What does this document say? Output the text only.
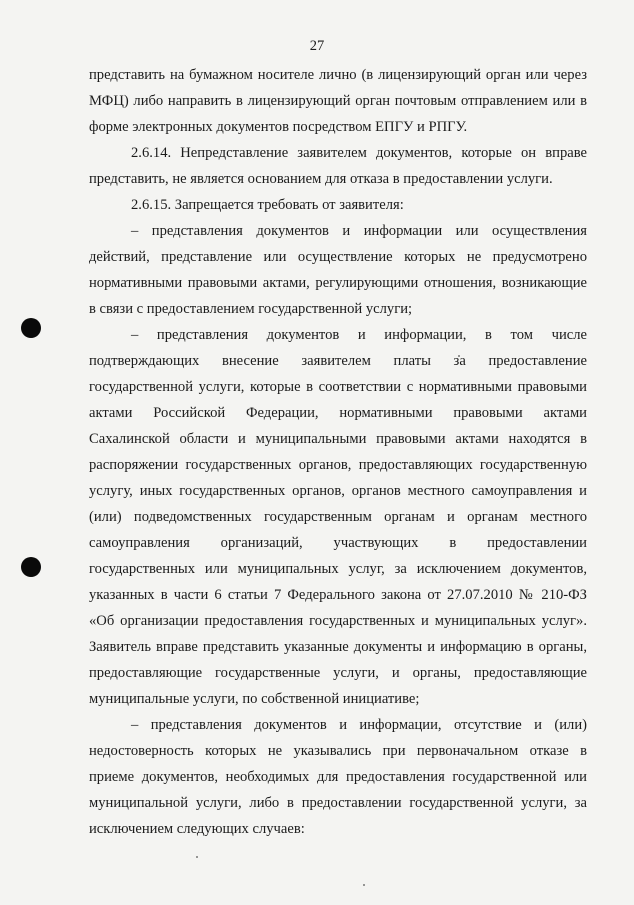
27
представить на бумажном носителе лично (в лицензирующий орган или через
МФЦ) либо направить в лицензирующий орган почтовым отправлением или в
форме электронных документов посредством ЕПГУ и РПГУ.
2.6.14. Непредставление заявителем документов, которые он вправе
представить, не является основанием для отказа в предоставлении услуги.
2.6.15. Запрещается требовать от заявителя:
– представления документов и информации или осуществления
действий, представление или осуществление которых не предусмотрено
нормативными правовыми актами, регулирующими отношения, возникающие
в связи с предоставлением государственной услуги;
– представления документов и информации, в том числе
подтверждающих внесение заявителем платы за предоставление
государственной услуги, которые в соответствии с нормативными правовыми
актами Российской Федерации, нормативными правовыми актами
Сахалинской области и муниципальными правовыми актами находятся в
распоряжении государственных органов, предоставляющих государственную
услугу, иных государственных органов, органов местного самоуправления и
(или) подведомственных государственным органам и органам местного
самоуправления организаций, участвующих в предоставлении
государственных или муниципальных услуг, за исключением документов,
указанных в части 6 статьи 7 Федерального закона от 27.07.2010 № 210-ФЗ
«Об организации предоставления государственных и муниципальных услуг».
Заявитель вправе представить указанные документы и информацию в органы,
предоставляющие государственные услуги, и органы, предоставляющие
муниципальные услуги, по собственной инициативе;
– представления документов и информации, отсутствие и (или)
недостоверность которых не указывались при первоначальном отказе в
приеме документов, необходимых для предоставления государственной или
муниципальной услуги, либо в предоставлении государственной услуги, за
исключением следующих случаев:
